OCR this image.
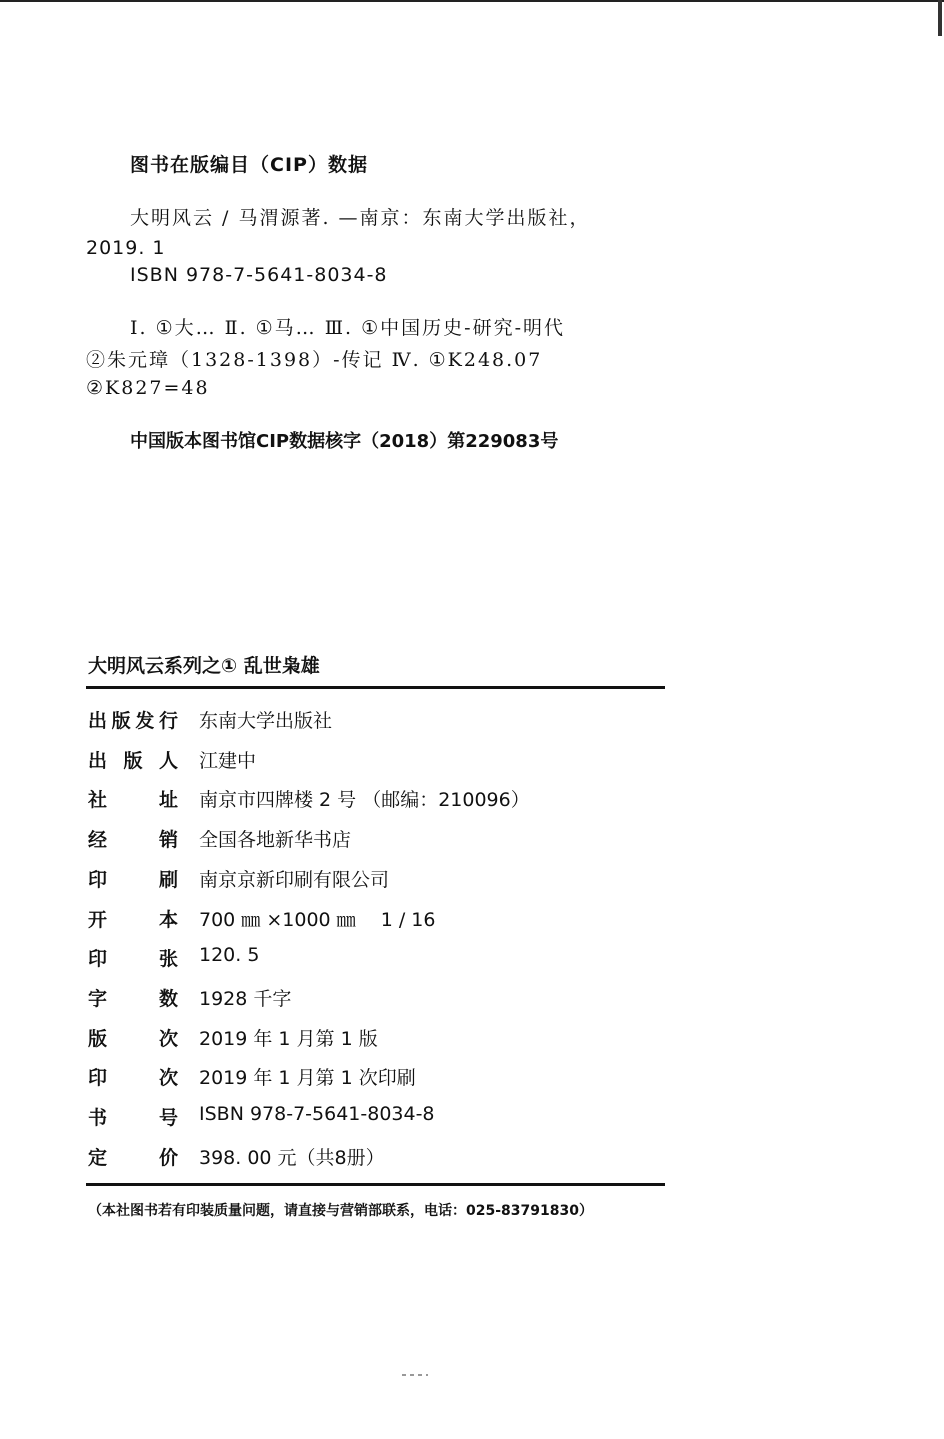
图书在版编目（CIP）数据
大明风云 / 马渭源著. —南京：东南大学出版社，
2019. 1
ISBN 978-7-5641-8034-8
Ⅰ. ①大… Ⅱ. ①马… Ⅲ. ①中国历史-研究-明代
②朱元璋（1328-1398）-传记 Ⅳ. ①K248.07
②K827=48
中国版本图书馆CIP数据核字（2018）第229083号
大明风云系列之① 乱世枭雄
出 版 发 行 东南大学出版社
出 版 人 江建中
社	址 南京市四牌楼 2 号 （邮编：210096）
经	销 全国各地新华书店
印	刷 南京京新印刷有限公司
开	本 700 ㎜ ×1000 ㎜　 1 / 16
印	张 120. 5
字	数 1928 千字
版	次 2019 年 1 月第 1 版
印	次 2019 年 1 月第 1 次印刷
书	号 ISBN 978-7-5641-8034-8
定	价 398. 00 元（共8册）
（本社图书若有印装质量问题，请直接与营销部联系，电话：025-83791830）
